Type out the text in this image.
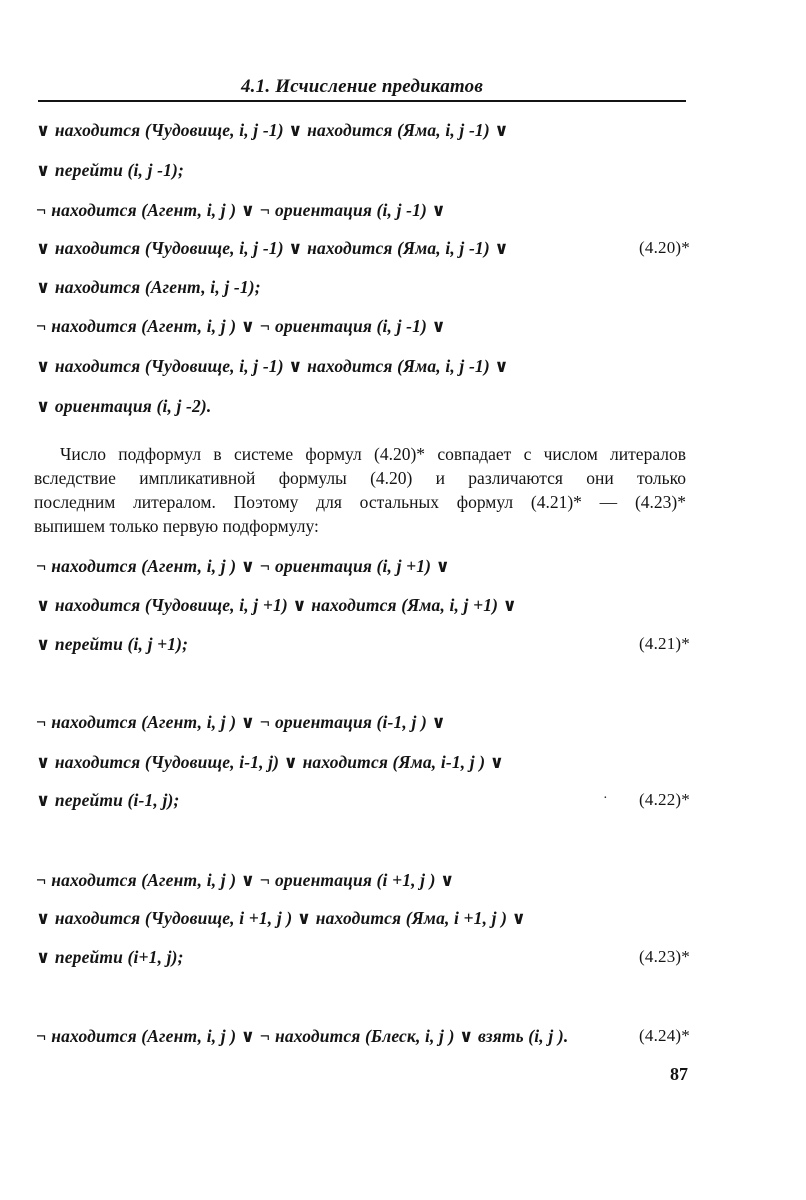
4.1. Исчисление предикатов
∨ находится (Чудовище, i, j -1) ∨ находится (Яма, i, j -1) ∨
∨ перейти (i, j -1);
¬ находится (Агент, i, j ) ∨ ¬ ориентация (i, j -1) ∨
∨ находится (Чудовище, i, j -1) ∨ находится (Яма, i, j -1) ∨	(4.20)*
∨ находится (Агент, i, j -1);
¬ находится (Агент, i, j ) ∨ ¬ ориентация (i, j -1) ∨
∨ находится (Чудовище, i, j -1) ∨ находится (Яма, i, j -1) ∨
∨ ориентация (i, j -2).
Число подформул в системе формул (4.20)* совпадает с числом литералов
вследствие импликативной формулы (4.20) и различаются они только
последним литералом. Поэтому для остальных формул (4.21)* — (4.23)*
выпишем только первую подформулу:
¬ находится (Агент, i, j ) ∨ ¬ ориентация (i, j +1) ∨
∨ находится (Чудовище, i, j +1) ∨ находится (Яма, i, j +1) ∨
∨ перейти (i, j +1);	(4.21)*
¬ находится (Агент, i, j ) ∨ ¬ ориентация (i-1, j ) ∨
∨ находится (Чудовище, i-1, j) ∨ находится (Яма, i-1, j ) ∨
∨ перейти (i-1, j);	· (4.22)*
¬ находится (Агент, i, j ) ∨ ¬ ориентация (i +1, j ) ∨
∨ находится (Чудовище, i +1, j ) ∨ находится (Яма, i +1, j ) ∨
∨ перейти (i+1, j);	(4.23)*
¬ находится (Агент, i, j ) ∨ ¬ находится (Блеск, i, j ) ∨ взять (i, j ).	(4.24)*
87
